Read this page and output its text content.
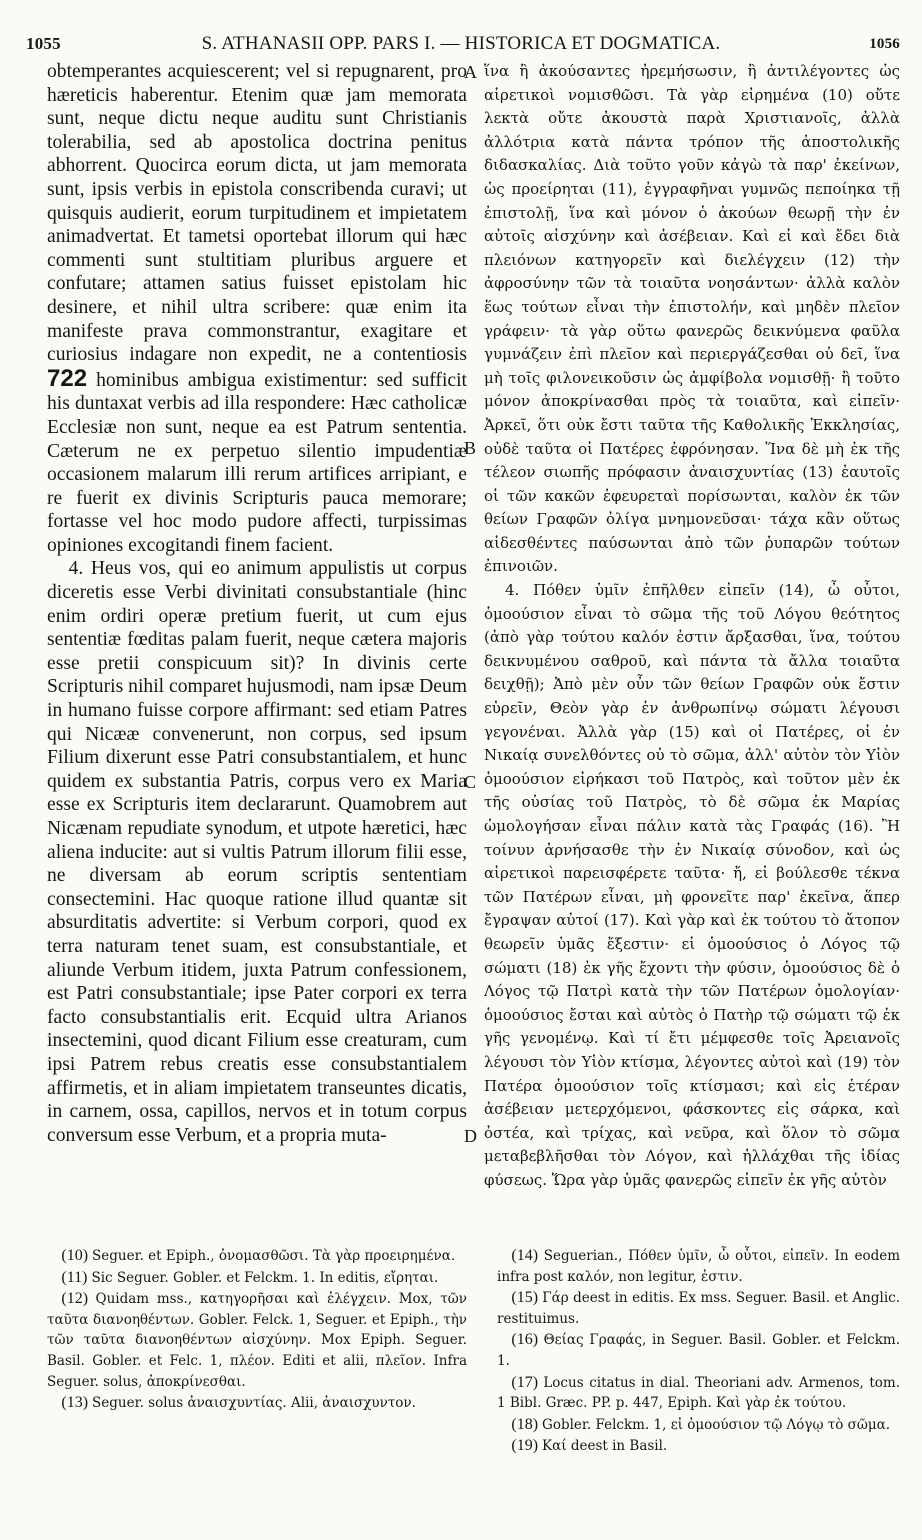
1055	S. ATHANASII OPP. PARS I. — HISTORICA ET DOGMATICA.	1056

obtemperantes acquiescerent; vel si repugnarent, pro hæreticis haberentur. Etenim quæ jam memorata sunt, neque dictu neque auditu sunt Christianis tolerabilia, sed ab apostolica doctrina penitus abhorrent. Quocirca eorum dicta, ut jam memorata sunt, ipsis verbis in epistola conscribenda curavi; ut quisquis audierit, eorum turpitudinem et impietatem animadvertat. Et tametsi oportebat illorum qui hæc commenti sunt stultitiam pluribus arguere et confutare; attamen satius fuisset epistolam hic desinere, et nihil ultra scribere: quæ enim ita manifeste prava commonstrantur, exagitare et curiosius indagare non expedit, ne a contentiosis 722 hominibus ambigua existimentur: sed sufficit his duntaxat verbis ad illa respondere: Hæc catholicæ Ecclesiæ non sunt, neque ea est Patrum sententia. Cæterum ne ex perpetuo silentio impudentiæ occasionem malarum illi rerum artifices arripiant, e re fuerit ex divinis Scripturis pauca memorare; fortasse vel hoc modo pudore affecti, turpissimas opiniones excogitandi finem facient.

4. Heus vos, qui eo animum appulistis ut corpus diceretis esse Verbi divinitati consubstantiale (hinc enim ordiri operæ pretium fuerit, ut cum ejus sententiæ fœditas palam fuerit, neque cætera majoris esse pretii conspicuum sit)? In divinis certe Scripturis nihil comparet hujusmodi, nam ipsæ Deum in humano fuisse corpore affirmant: sed etiam Patres qui Nicææ convenerunt, non corpus, sed ipsum Filium dixerunt esse Patri consubstantialem, et hunc quidem ex substantia Patris, corpus vero ex Maria esse ex Scripturis item declararunt. Quamobrem aut Nicænam repudiate synodum, et utpote hæretici, hæc aliena inducite: aut si vultis Patrum illorum filii esse, ne diversam ab eorum scriptis sententiam consectemini. Hac quoque ratione illud quantæ sit absurditatis advertite: si Verbum corpori, quod ex terra naturam tenet suam, est consubstantiale, et aliunde Verbum itidem, juxta Patrum confessionem, est Patri consubstantiale; ipse Pater corpori ex terra facto consubstantialis erit. Ecquid ultra Arianos insectemini, quod dicant Filium esse creaturam, cum ipsi Patrem rebus creatis esse consubstantialem affirmetis, et in aliam impietatem transeuntes dicatis, in carnem, ossa, capillos, nervos et in totum corpus conversum esse Verbum, et a propria muta-

A
B
C
D

ἵνα ἢ ἀκούσαντες ἠρεμήσωσιν, ἢ ἀντιλέγοντες ὡς αἱρετικοὶ νομισθῶσι. Τὰ γὰρ εἰρημένα (10) οὔτε λεκτὰ οὔτε ἀκουστὰ παρὰ Χριστιανοῖς, ἀλλὰ ἀλλότρια κατὰ πάντα τρόπον τῆς ἀποστολικῆς διδασκαλίας. Διὰ τοῦτο γοῦν κἀγὼ τὰ παρ' ἐκείνων, ὡς προείρηται (11), ἐγγραφῆναι γυμνῶς πεποίηκα τῇ ἐπιστολῇ, ἵνα καὶ μόνον ὁ ἀκούων θεωρῇ τὴν ἐν αὐτοῖς αἰσχύνην καὶ ἀσέβειαν. Καὶ εἰ καὶ ἔδει διὰ πλειόνων κατηγορεῖν καὶ διελέγχειν (12) τὴν ἀφροσύνην τῶν τὰ τοιαῦτα νοησάντων· ἀλλὰ καλὸν ἕως τούτων εἶναι τὴν ἐπιστολήν, καὶ μηδὲν πλεῖον γράφειν· τὰ γὰρ οὕτω φανερῶς δεικνύμενα φαῦλα γυμνάζειν ἐπὶ πλεῖον καὶ περιεργάζεσθαι οὐ δεῖ, ἵνα μὴ τοῖς φιλονεικοῦσιν ὡς ἀμφίβολα νομισθῇ· ἢ τοῦτο μόνον ἀποκρίνασθαι πρὸς τὰ τοιαῦτα, καὶ εἰπεῖν· Ἀρκεῖ, ὅτι οὐκ ἔστι ταῦτα τῆς Καθολικῆς Ἐκκλησίας, οὐδὲ ταῦτα οἱ Πατέρες ἐφρόνησαν. Ἵνα δὲ μὴ ἐκ τῆς τέλεον σιωπῆς πρόφασιν ἀναισχυντίας (13) ἑαυτοῖς οἱ τῶν κακῶν ἐφευρεταὶ πορίσωνται, καλὸν ἐκ τῶν θείων Γραφῶν ὀλίγα μνημονεῦσαι· τάχα κἂν οὕτως αἰδεσθέντες παύσωνται ἀπὸ τῶν ῥυπαρῶν τούτων ἐπινοιῶν.

4. Πόθεν ὑμῖν ἐπῆλθεν εἰπεῖν (14), ὦ οὗτοι, ὁμοούσιον εἶναι τὸ σῶμα τῆς τοῦ Λόγου θεότητος (ἀπὸ γὰρ τούτου καλόν ἐστιν ἄρξασθαι, ἵνα, τούτου δεικνυμένου σαθροῦ, καὶ πάντα τὰ ἄλλα τοιαῦτα δειχθῇ); Ἀπὸ μὲν οὖν τῶν θείων Γραφῶν οὐκ ἔστιν εὑρεῖν, Θεὸν γὰρ ἐν ἀνθρωπίνῳ σώματι λέγουσι γεγονέναι. Ἀλλὰ γὰρ (15) καὶ οἱ Πατέρες, οἱ ἐν Νικαίᾳ συνελθόντες οὐ τὸ σῶμα, ἀλλ' αὐτὸν τὸν Υἱὸν ὁμοούσιον εἰρήκασι τοῦ Πατρὸς, καὶ τοῦτον μὲν ἐκ τῆς οὐσίας τοῦ Πατρὸς, τὸ δὲ σῶμα ἐκ Μαρίας ὡμολογήσαν εἶναι πάλιν κατὰ τὰς Γραφάς (16). Ἢ τοίνυν ἀρνήσασθε τὴν ἐν Νικαίᾳ σύνοδον, καὶ ὡς αἱρετικοὶ παρεισφέρετε ταῦτα· ἤ, εἰ βούλεσθε τέκνα τῶν Πατέρων εἶναι, μὴ φρονεῖτε παρ' ἐκεῖνα, ἅπερ ἔγραψαν αὐτοί (17). Καὶ γὰρ καὶ ἐκ τούτου τὸ ἄτοπον θεωρεῖν ὑμᾶς ἔξεστιν· εἰ ὁμοούσιος ὁ Λόγος τῷ σώματι (18) ἐκ γῆς ἔχοντι τὴν φύσιν, ὁμοούσιος δὲ ὁ Λόγος τῷ Πατρὶ κατὰ τὴν τῶν Πατέρων ὁμολογίαν· ὁμοούσιος ἔσται καὶ αὐτὸς ὁ Πατὴρ τῷ σώματι τῷ ἐκ γῆς γενομένῳ. Καὶ τί ἔτι μέμφεσθε τοῖς Ἀρειανοῖς λέγουσι τὸν Υἱὸν κτίσμα, λέγοντες αὐτοὶ καὶ (19) τὸν Πατέρα ὁμοούσιον τοῖς κτίσμασι; καὶ εἰς ἑτέραν ἀσέβειαν μετερχόμενοι, φάσκοντες εἰς σάρκα, καὶ ὀστέα, καὶ τρίχας, καὶ νεῦρα, καὶ ὅλον τὸ σῶμα μεταβεβλῆσθαι τὸν Λόγον, καὶ ἠλλάχθαι τῆς ἰδίας φύσεως. Ὥρα γὰρ ὑμᾶς φανερῶς εἰπεῖν ἐκ γῆς αὐτὸν

(10) Seguer. et Epiph., ὀνομασθῶσι. Τὰ γὰρ προειρημένα.

(11) Sic Seguer. Gobler. et Felckm. 1. In editis, εἴρηται.

(12) Quidam mss., κατηγορῆσαι καὶ ἐλέγχειν. Mox, τῶν ταῦτα διανοηθέντων. Gobler. Felck. 1, Seguer. et Epiph., τὴν τῶν ταῦτα διανοηθέντων αἰσχύνην. Mox Epiph. Seguer. Basil. Gobler. et Felc. 1, πλέον. Editi et alii, πλεῖον. Infra Seguer. solus, ἀποκρίνεσθαι.

(13) Seguer. solus ἀναισχυντίας. Alii, ἀναισχυντον.

(14) Seguerian., Πόθεν ὑμῖν, ὦ οὗτοι, εἰπεῖν. In eodem infra post καλόν, non legitur, ἐστιν.

(15) Γάρ deest in editis. Ex mss. Seguer. Basil. et Anglic. restituimus.

(16) Θείας Γραφάς, in Seguer. Basil. Gobler. et Felckm. 1.

(17) Locus citatus in dial. Theoriani adv. Armenos, tom. 1 Bibl. Græc. PP. p. 447, Epiph. Καὶ γὰρ ἐκ τούτου.

(18) Gobler. Felckm. 1, εἰ ὁμοούσιον τῷ Λόγῳ τὸ σῶμα.

(19) Καί deest in Basil.
